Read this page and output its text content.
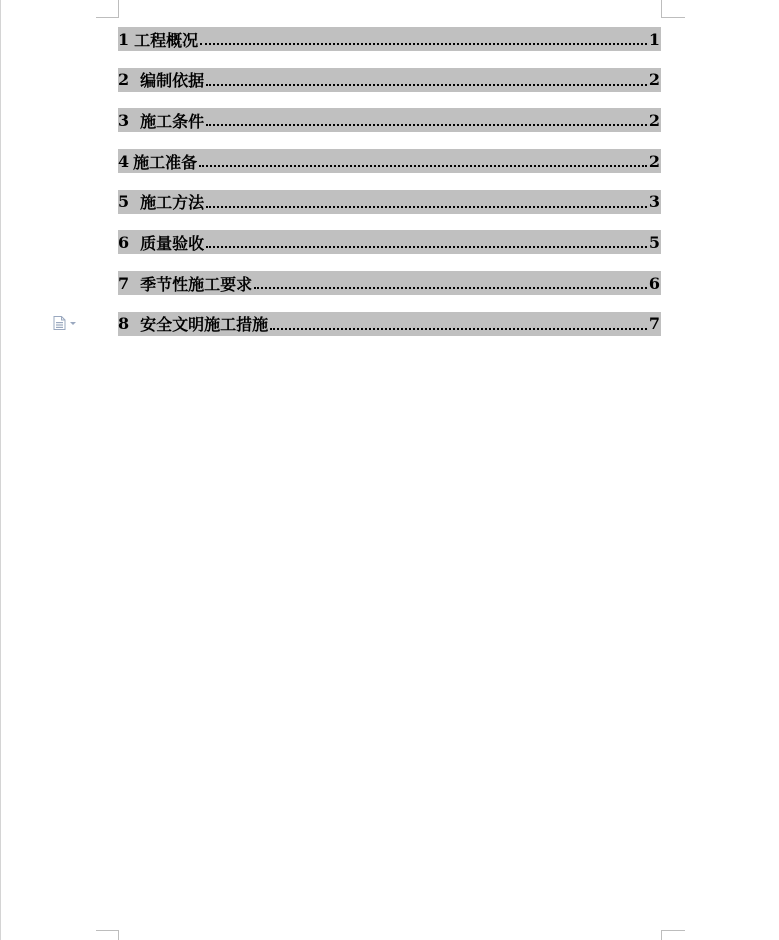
1 工程概况	1
2 编制依据	2
3 施工条件	2
4 施工准备	2
5 施工方法	3
6 质量验收	5
7 季节性施工要求	6
8 安全文明施工措施	7
